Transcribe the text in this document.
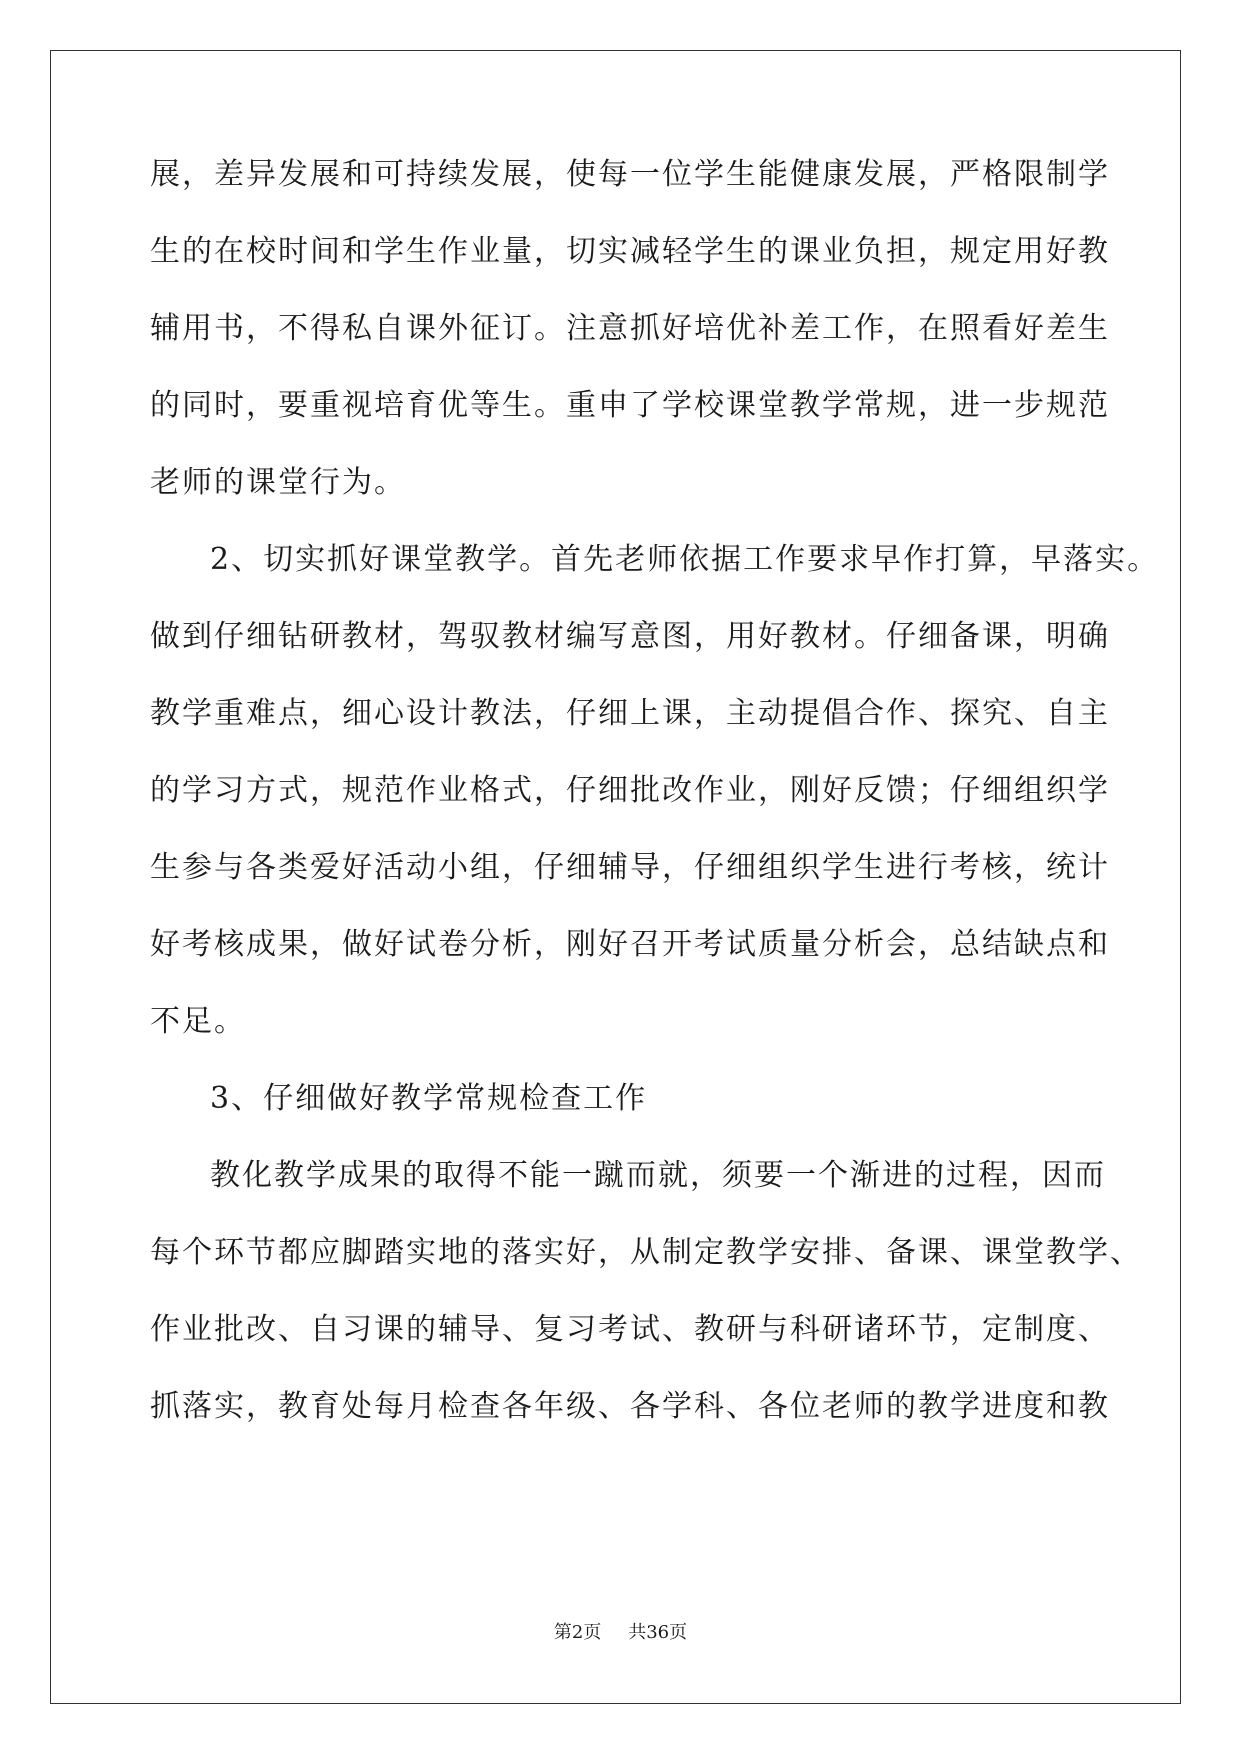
展，差异发展和可持续发展，使每一位学生能健康发展，严格限制学
生的在校时间和学生作业量，切实减轻学生的课业负担，规定用好教
辅用书，不得私自课外征订。注意抓好培优补差工作，在照看好差生
的同时，要重视培育优等生。重申了学校课堂教学常规，进一步规范
老师的课堂行为。
2、切实抓好课堂教学。首先老师依据工作要求早作打算，早落实。
做到仔细钻研教材，驾驭教材编写意图，用好教材。仔细备课，明确
教学重难点，细心设计教法，仔细上课，主动提倡合作、探究、自主
的学习方式，规范作业格式，仔细批改作业，刚好反馈；仔细组织学
生参与各类爱好活动小组，仔细辅导，仔细组织学生进行考核，统计
好考核成果，做好试卷分析，刚好召开考试质量分析会，总结缺点和
不足。
3、仔细做好教学常规检查工作
教化教学成果的取得不能一蹴而就，须要一个渐进的过程，因而
每个环节都应脚踏实地的落实好，从制定教学安排、备课、课堂教学、
作业批改、自习课的辅导、复习考试、教研与科研诸环节，定制度、
抓落实，教育处每月检查各年级、各学科、各位老师的教学进度和教
第2页 共36页
